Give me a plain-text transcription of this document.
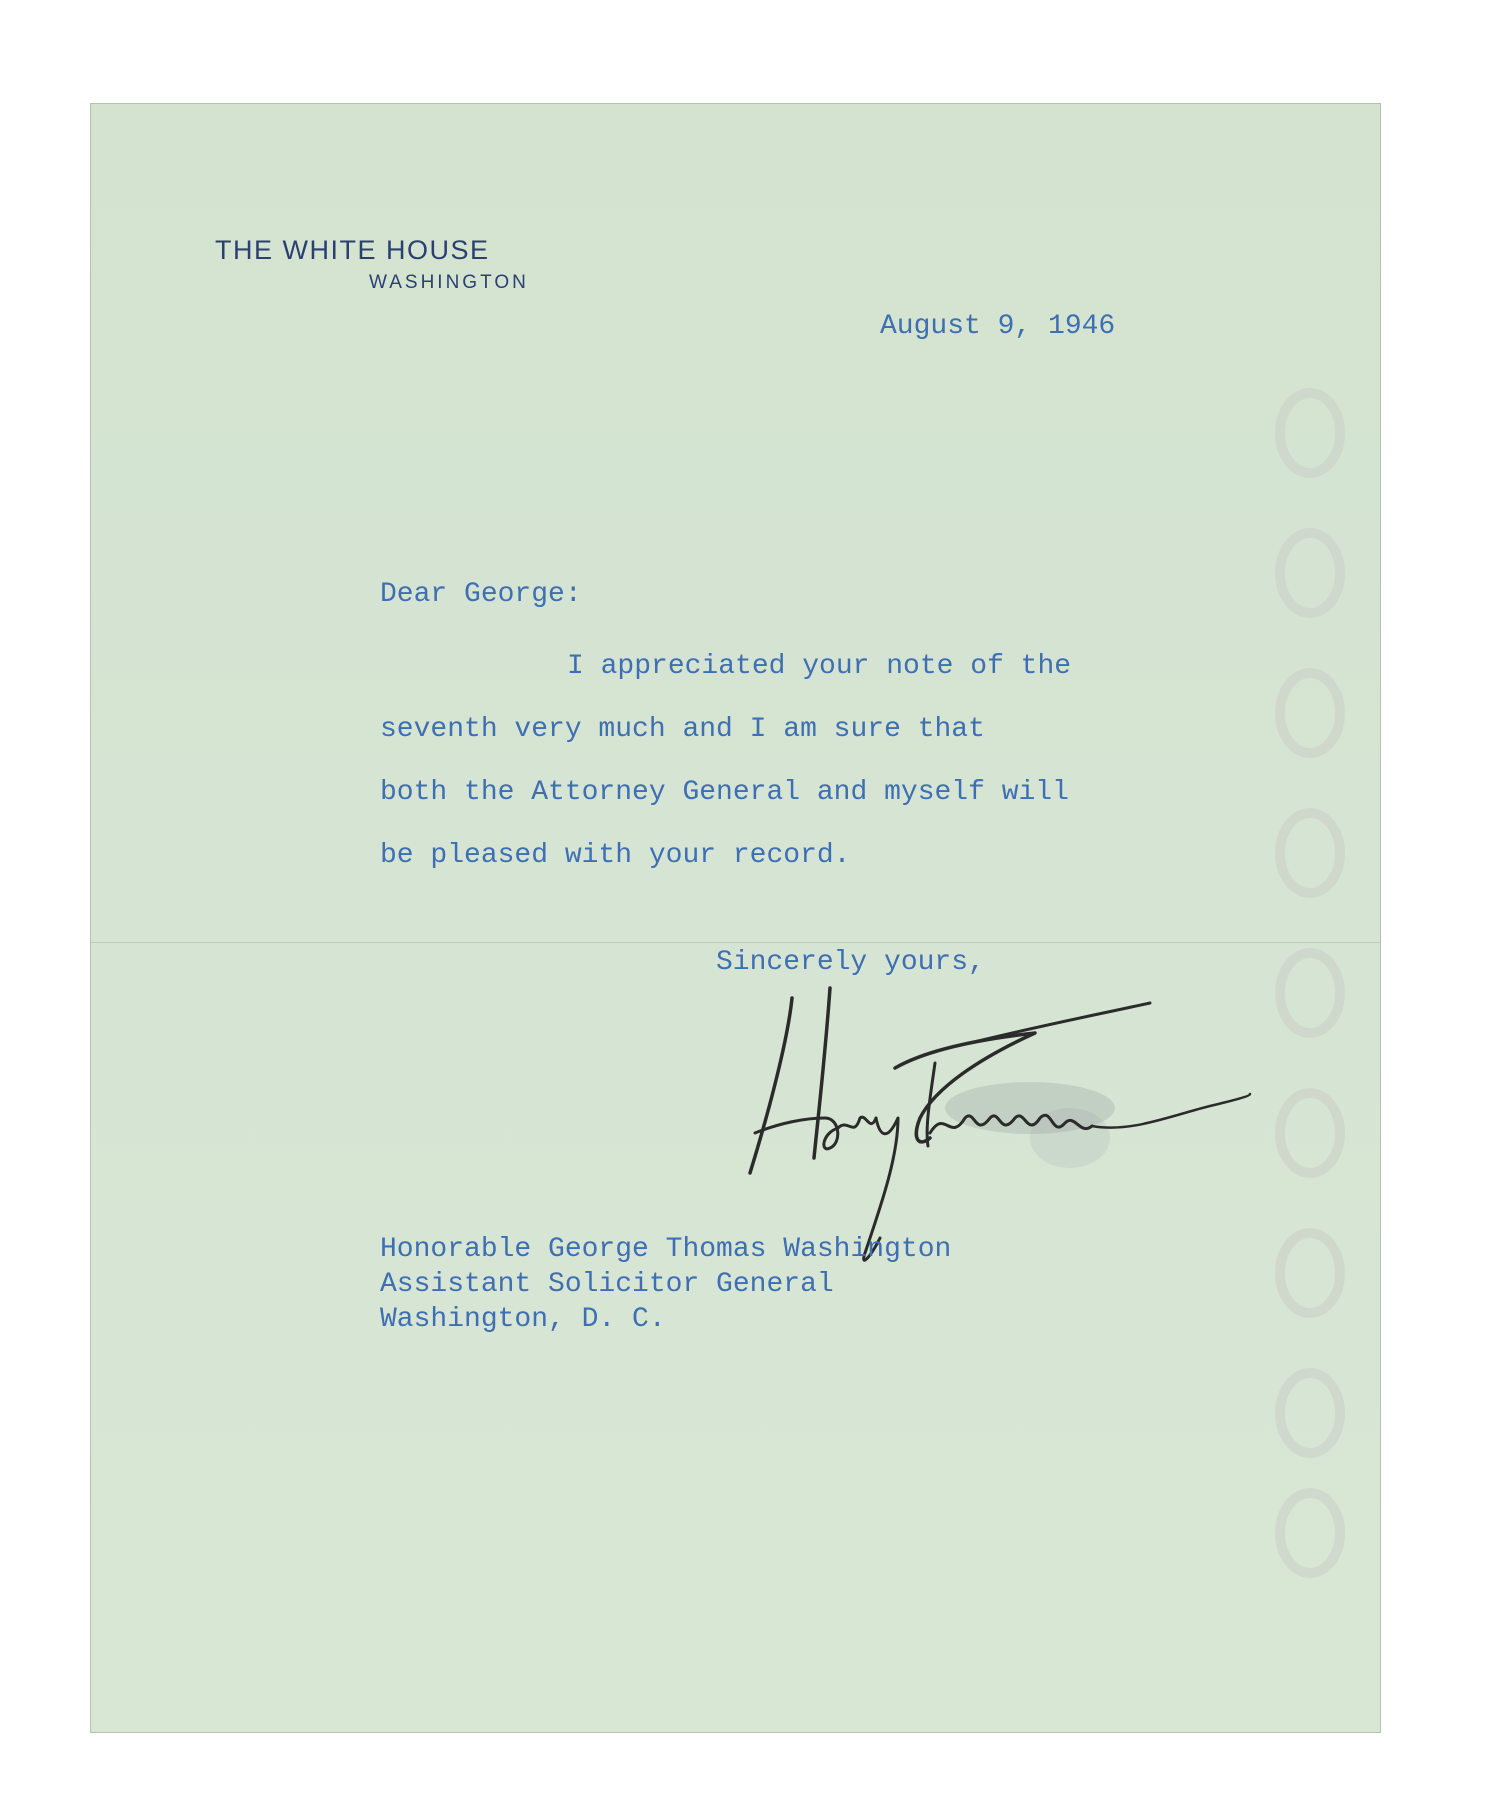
THE WHITE HOUSE
WASHINGTON
August 9, 1946
Dear George:
I appreciated your note of the
seventh very much and I am sure that
both the Attorney General and myself will
be pleased with your record.
Sincerely yours,
Honorable George Thomas Washington
Assistant Solicitor General
Washington, D. C.
